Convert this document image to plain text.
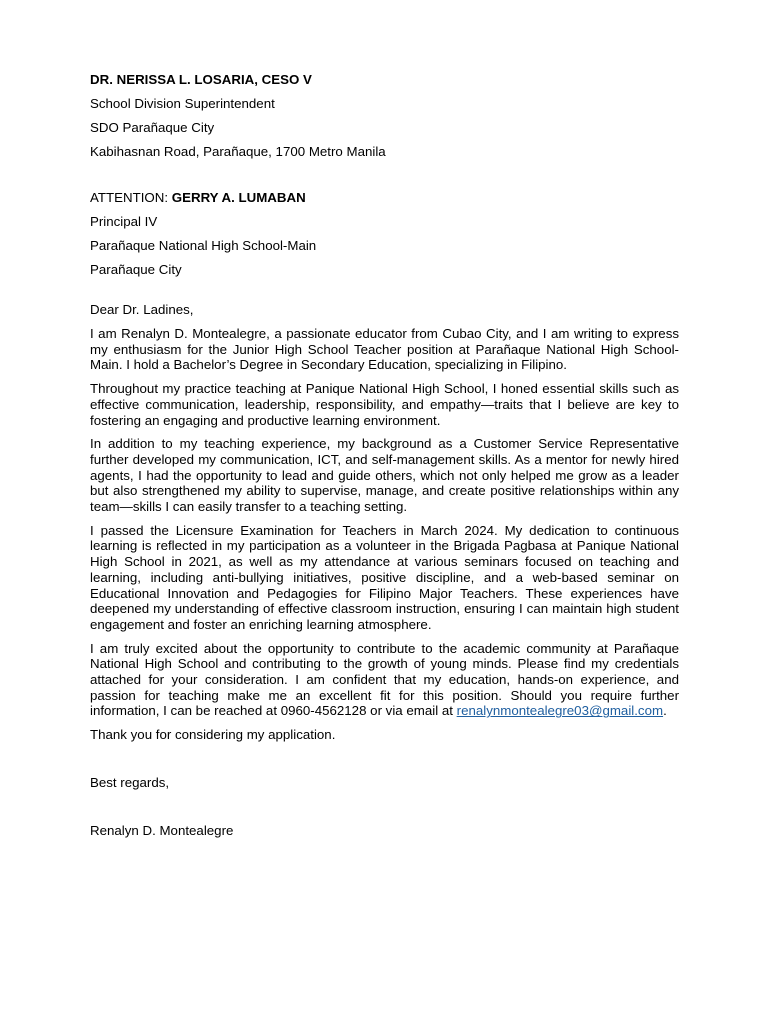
DR. NERISSA L. LOSARIA, CESO V

School Division Superintendent

SDO Parañaque City

Kabihasnan Road, Parañaque, 1700 Metro Manila

ATTENTION: GERRY A. LUMABAN

Principal IV

Parañaque National High School-Main

Parañaque City

Dear Dr. Ladines,

I am Renalyn D. Montealegre, a passionate educator from Cubao City, and I am writing to express my enthusiasm for the Junior High School Teacher position at Parañaque National High School-Main. I hold a Bachelor’s Degree in Secondary Education, specializing in Filipino.

Throughout my practice teaching at Panique National High School, I honed essential skills such as effective communication, leadership, responsibility, and empathy—traits that I believe are key to fostering an engaging and productive learning environment.

In addition to my teaching experience, my background as a Customer Service Representative further developed my communication, ICT, and self-management skills. As a mentor for newly hired agents, I had the opportunity to lead and guide others, which not only helped me grow as a leader but also strengthened my ability to supervise, manage, and create positive relationships within any team—skills I can easily transfer to a teaching setting.

I passed the Licensure Examination for Teachers in March 2024. My dedication to continuous learning is reflected in my participation as a volunteer in the Brigada Pagbasa at Panique National High School in 2021, as well as my attendance at various seminars focused on teaching and learning, including anti-bullying initiatives, positive discipline, and a web-based seminar on Educational Innovation and Pedagogies for Filipino Major Teachers. These experiences have deepened my understanding of effective classroom instruction, ensuring I can maintain high student engagement and foster an enriching learning atmosphere.

I am truly excited about the opportunity to contribute to the academic community at Parañaque National High School and contributing to the growth of young minds. Please find my credentials attached for your consideration. I am confident that my education, hands-on experience, and passion for teaching make me an excellent fit for this position. Should you require further information, I can be reached at 0960-4562128 or via email at renalynmontealegre03@gmail.com.

Thank you for considering my application.

Best regards,

Renalyn D. Montealegre
